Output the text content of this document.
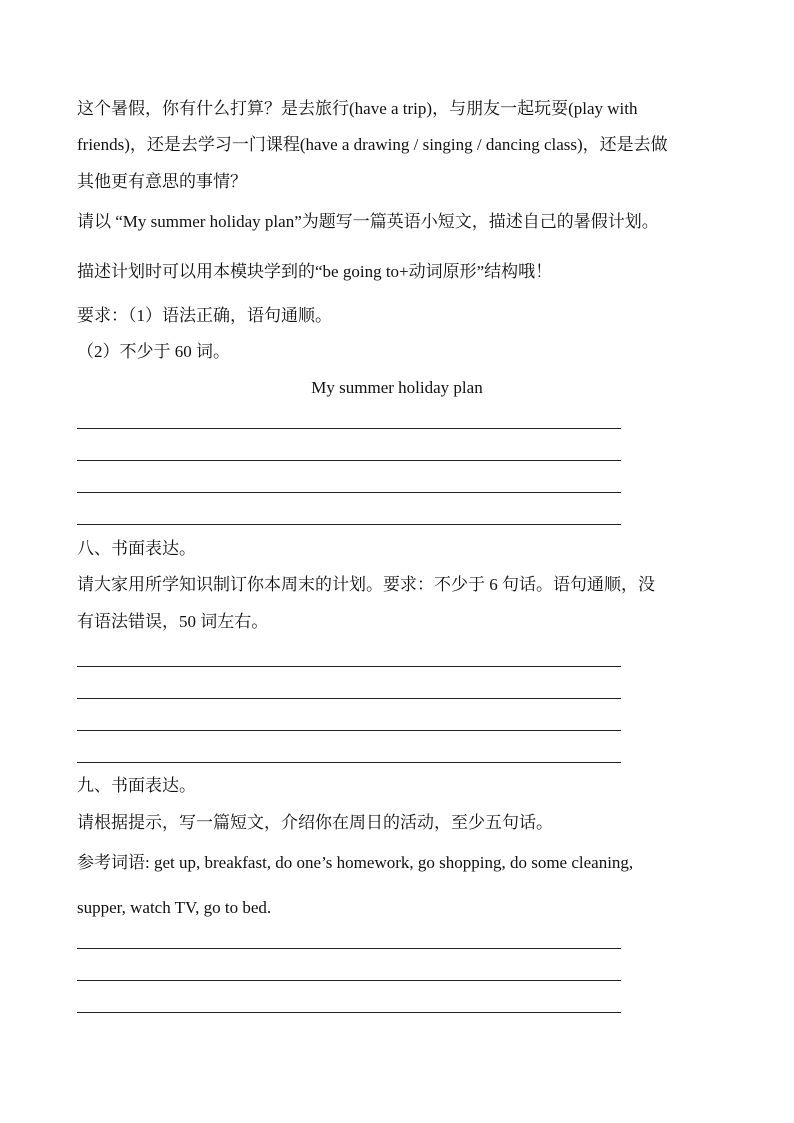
这个暑假，你有什么打算？是去旅行(have a trip)，与朋友一起玩耍(play with
friends)，还是去学习一门课程(have a drawing / singing / dancing class)，还是去做
其他更有意思的事情？
请以 “My summer holiday plan”为题写一篇英语小短文，描述自己的暑假计划。
描述计划时可以用本模块学到的“be going to+动词原形”结构哦！
要求：（1）语法正确，语句通顺。
（2）不少于 60 词。
My summer holiday plan
八、书面表达。
请大家用所学知识制订你本周末的计划。要求：不少于 6 句话。语句通顺，没
有语法错误，50 词左右。
九、书面表达。
请根据提示，写一篇短文，介绍你在周日的活动，至少五句话。
参考词语: get up, breakfast, do one’s homework, go shopping, do some cleaning,
supper, watch TV, go to bed.
